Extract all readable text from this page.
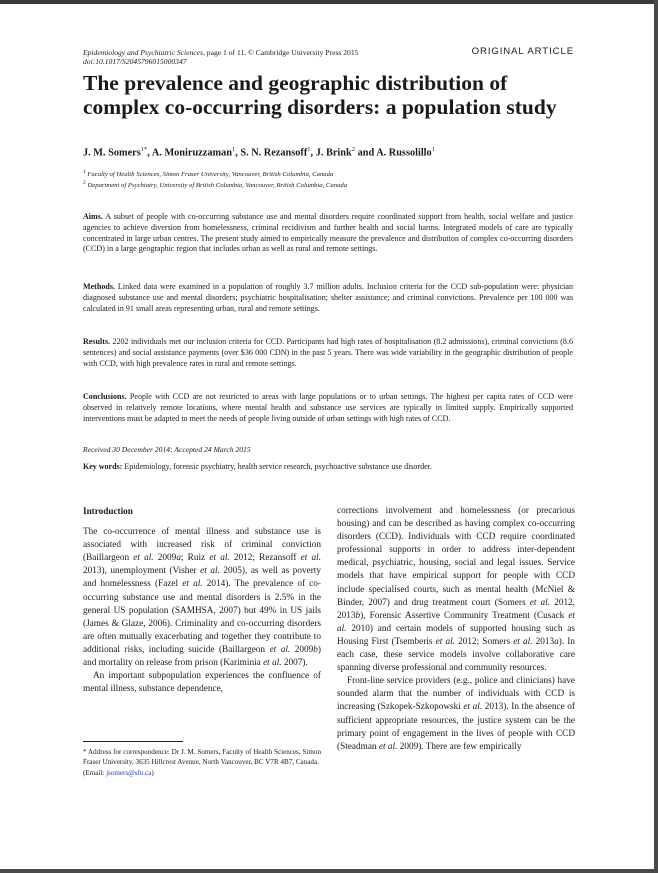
Epidemiology and Psychiatric Sciences, page 1 of 11. © Cambridge University Press 2015
doi:10.1017/S2045796015000347
ORIGINAL ARTICLE
The prevalence and geographic distribution of complex co-occurring disorders: a population study
J. M. Somers$^{1*}$, A. Moniruzzaman$^1$, S. N. Rezansoff$^1$, J. Brink$^2$ and A. Russolillo$^1$
$^1$ Faculty of Health Sciences, Simon Fraser University, Vancouver, British Columbia, Canada
$^2$ Department of Psychiatry, University of British Columbia, Vancouver, British Columbia, Canada

Aims. A subset of people with co-occurring substance use and mental disorders require coordinated support from health, social welfare and justice agencies to achieve diversion from homelessness, criminal recidivism and further health and social harms. Integrated models of care are typically concentrated in large urban centres. The present study aimed to empirically measure the prevalence and distribution of complex co-occurring disorders (CCD) in a large geographic region that includes urban as well as rural and remote settings.

Methods. Linked data were examined in a population of roughly 3.7 million adults. Inclusion criteria for the CCD sub-population were: physician diagnosed substance use and mental disorders; psychiatric hospitalisation; shelter assistance; and criminal convictions. Prevalence per 100 000 was calculated in 91 small areas representing urban, rural and remote settings.

Results. 2202 individuals met our inclusion criteria for CCD. Participants had high rates of hospitalisation (8.2 admissions), criminal convictions (8.6 sentences) and social assistance payments (over $36 000 CDN) in the past 5 years. There was wide variability in the geographic distribution of people with CCD, with high prevalence rates in rural and remote settings.

Conclusions. People with CCD are not restricted to areas with large populations or to urban settings. The highest per capita rates of CCD were observed in relatively remote locations, where mental health and substance use services are typically in limited supply. Empirically supported interventions must be adapted to meet the needs of people living outside of urban settings with high rates of CCD.

Received 30 December 2014; Accepted 24 March 2015
Key words: Epidemiology, forensic psychiatry, health service research, psychoactive substance use disorder.
Introduction

The co-occurrence of mental illness and substance use is associated with increased risk of criminal conviction (Baillargeon et al. 2009a; Ruiz et al. 2012; Rezansoff et al. 2013), unemployment (Visher et al. 2005), as well as poverty and homelessness (Fazel et al. 2014). The prevalence of co-occurring substance use and mental disorders is 2.5% in the general US population (SAMHSA, 2007) but 49% in US jails (James & Glaze, 2006). Criminality and co-occurring disorders are often mutually exacerbating and together they contribute to additional risks, including suicide (Baillargeon et al. 2009b) and mortality on release from prison (Kariminia et al. 2007).

An important subpopulation experiences the confluence of mental illness, substance dependence,

corrections involvement and homelessness (or precarious housing) and can be described as having complex co-occurring disorders (CCD). Individuals with CCD require coordinated professional supports in order to address inter-dependent medical, psychiatric, housing, social and legal issues. Service models that have empirical support for people with CCD include specialised courts, such as mental health (McNiel & Binder, 2007) and drug treatment court (Somers et al. 2012, 2013b), Forensic Assertive Community Treatment (Cusack et al. 2010) and certain models of supported housing such as Housing First (Tsemberis et al. 2012; Somers et al. 2013a). In each case, these service models involve collaborative care spanning diverse professional and community resources.

Front-line service providers (e.g., police and clinicians) have sounded alarm that the number of individuals with CCD is increasing (Szkopek-Szkopowski et al. 2013). In the absence of sufficient appropriate resources, the justice system can be the primary point of engagement in the lives of people with CCD (Steadman et al. 2009). There are few empirically

* Address for correspondence: Dr J. M. Somers, Faculty of Health Sciences, Simon Fraser University, 3635 Hillcrest Avenue, North Vancouver, BC V7R 4B7, Canada.
(Email: jsomers@sfu.ca)
